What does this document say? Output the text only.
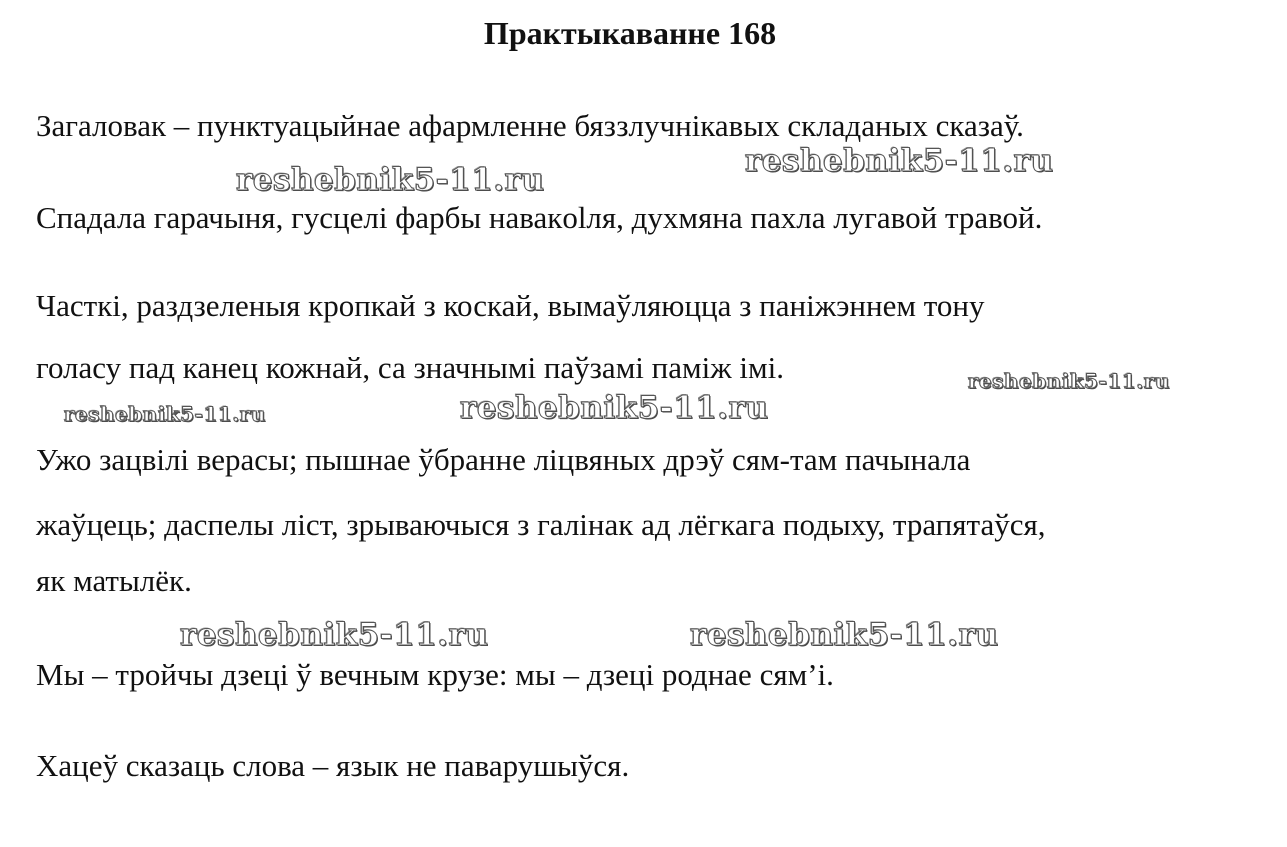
Практыкаванне 168
Загаловак – пунктуацыйнае афармленне бяззлучнікавых складаных сказаў.
Спадала гарачыня, гусцелі фарбы навакolля, духмяна пахла лугавой травой.
Часткі, раздзеленыя кропкай з коскай, вымаўляюцца з паніжэннем тону
голасу пад канец кожнай, са значнымі паўзамі паміж імі.
Ужо зацвілі верасы; пышнае ўбранне ліцвяных дрэў сям-там пачынала
жаўцець; даспелы ліст, зрываючыся з галінак ад лёгкага подыху, трапятаўся,
як матылёк.
Мы – тройчы дзеці ў вечным крузе: мы – дзеці роднае сям’і.
Хацеў сказаць слова – язык не паварушыўся.
reshebnik5-11.ru
reshebnik5-11.ru
reshebnik5-11.ru
reshebnik5-11.ru	reshebnik5-11.ru
reshebnik5-11.ru	reshebnik5-11.ru
